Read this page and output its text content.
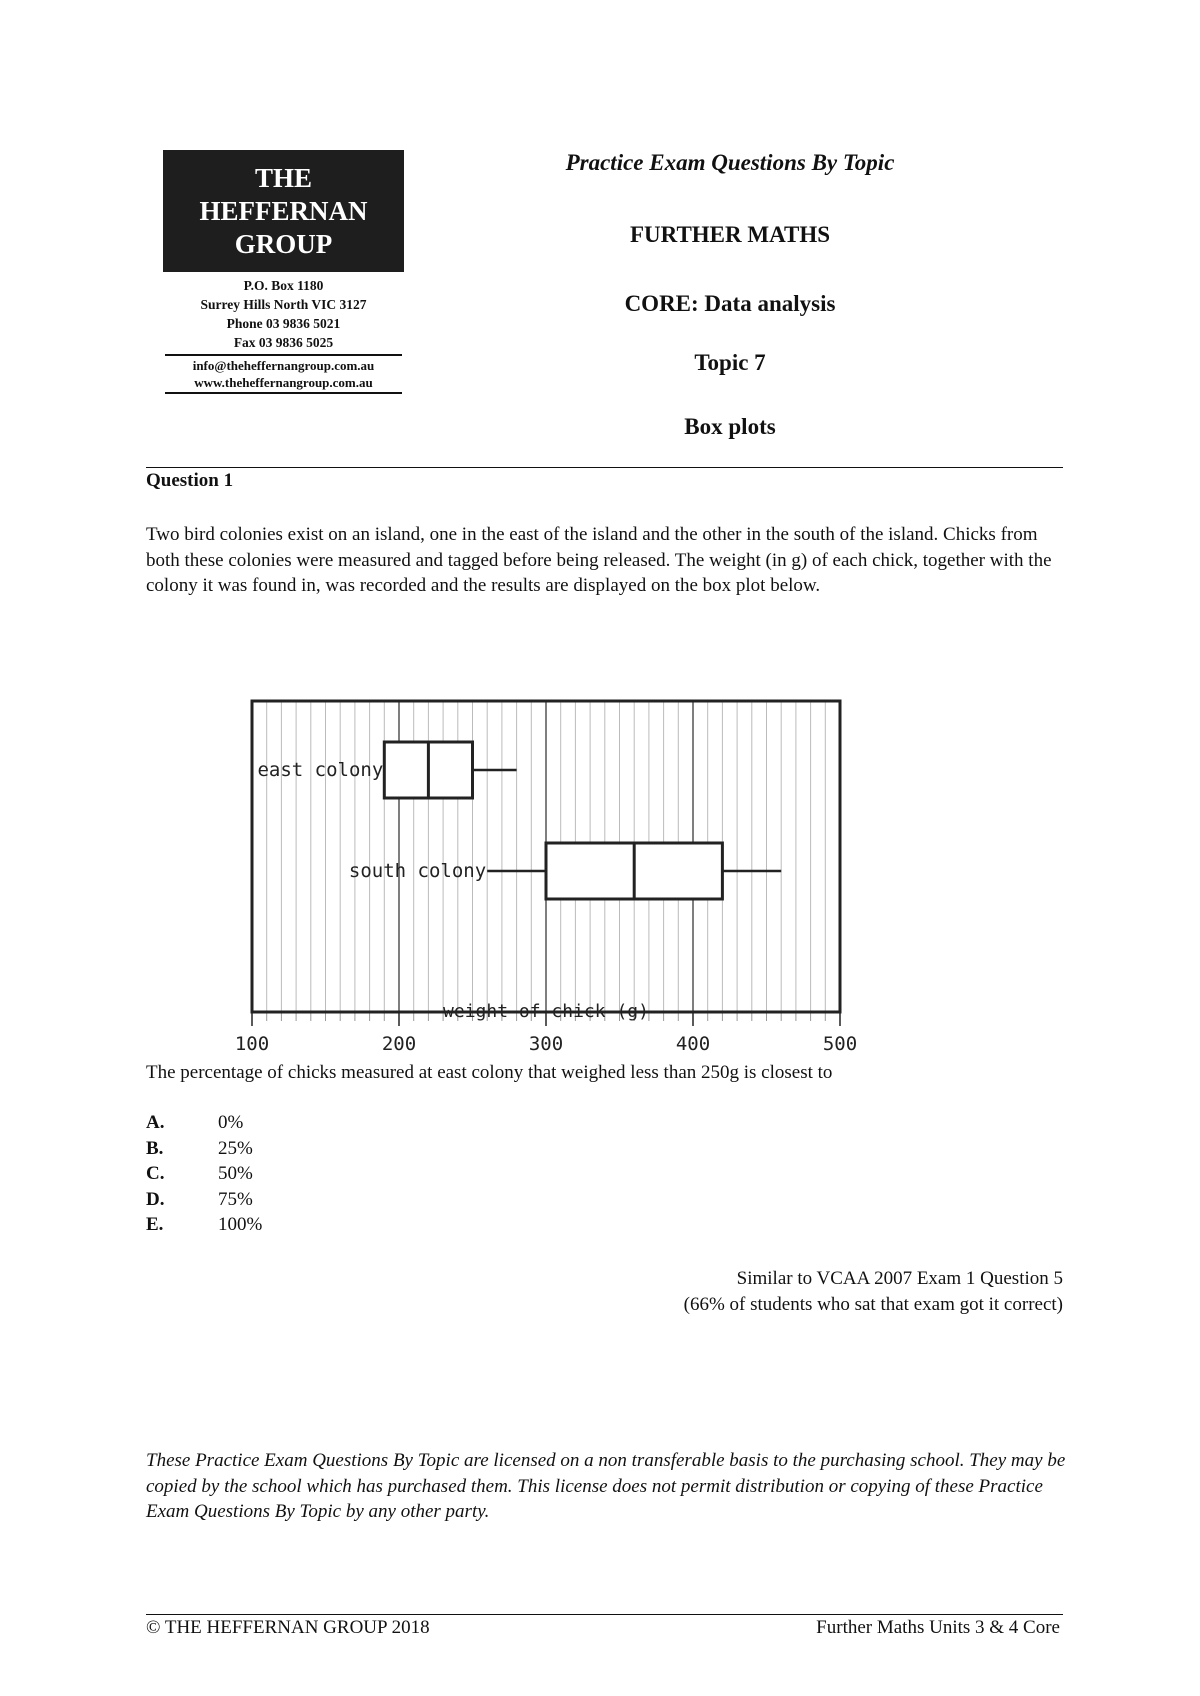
THE
HEFFERNAN
GROUP
P.O. Box 1180
Surrey Hills North VIC 3127
Phone 03 9836 5021
Fax 03 9836 5025
info@theheffernangroup.com.au
www.theheffernangroup.com.au
Practice Exam Questions By Topic
FURTHER MATHS
CORE: Data analysis
Topic 7
Box plots
Question 1
Two bird colonies exist on an island, one in the east of the island and the other in the south of the island. Chicks from both these colonies were measured and tagged before being released. The weight (in g) of each chick, together with the colony it was found in, was recorded and the results are displayed on the box plot below.
east colony
south colony
100	200	300	400	500
weight of chick (g)
The percentage of chicks measured at east colony that weighed less than 250g is closest to
A.	0%
B.	25%
C.	50%
D.	75%
E.	100%
Similar to VCAA 2007 Exam 1 Question 5
(66% of students who sat that exam got it correct)
These Practice Exam Questions By Topic are licensed on a non transferable basis to the purchasing school. They may be copied by the school which has purchased them. This license does not permit distribution or copying of these Practice Exam Questions By Topic by any other party.
© THE HEFFERNAN GROUP 2018	Further Maths Units 3 & 4 Core
